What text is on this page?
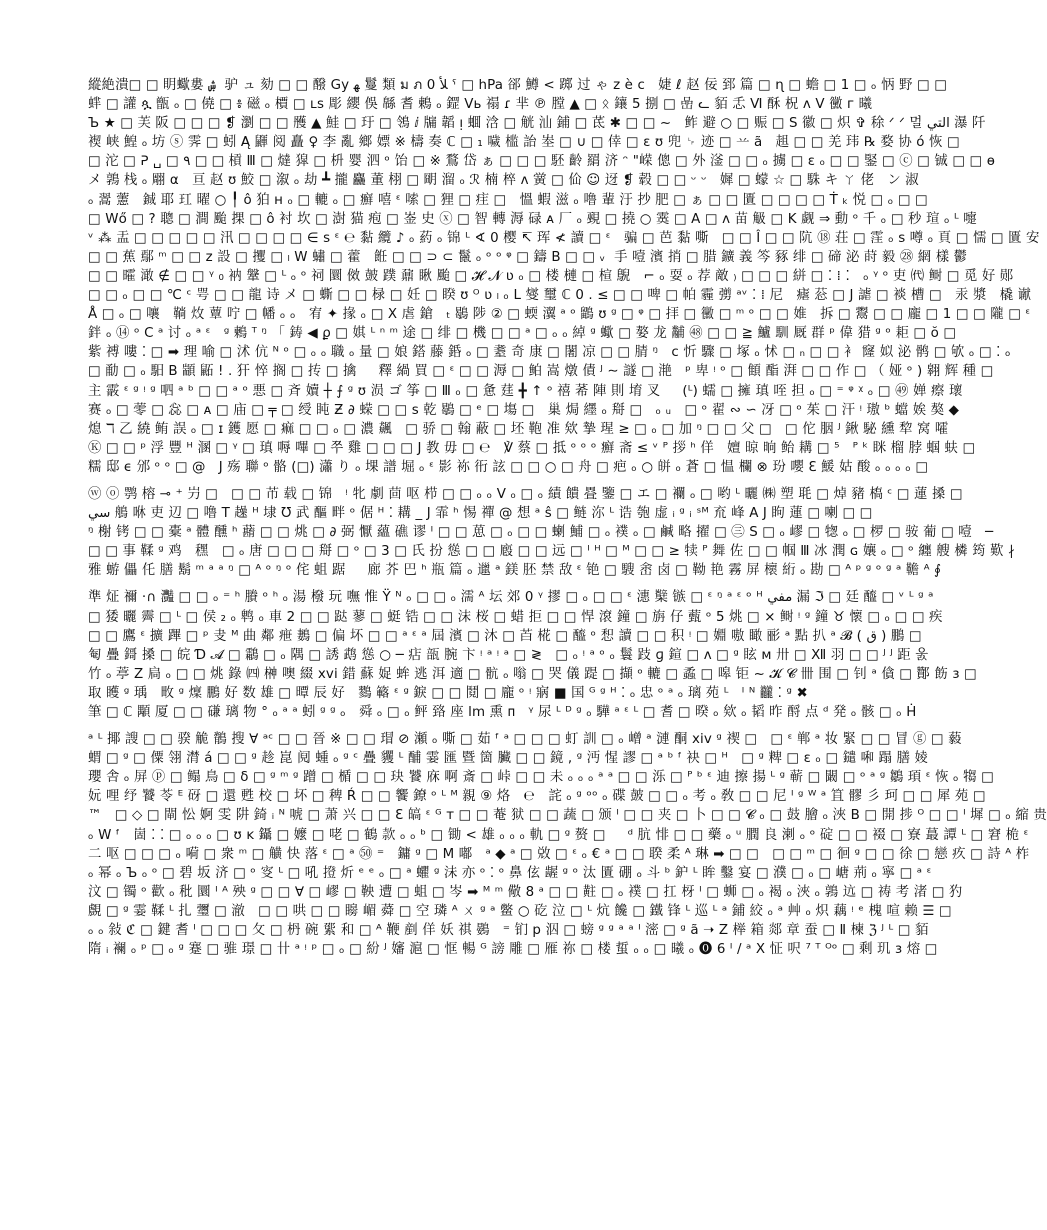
縱絶潰□ □ 眀蠍婁 ۺ  驴 ュ 劾 □ □ 醱 Gy ﻬ 鬘 類 ม ภ ﻸ 0 ˤ □ hPa 郤 鱒 < 踯 过 ゃ z ѐ c   婕 ℓ 赵 佞 郅 篇 □ ɳ □ 蟾 □ 1 □ ₒ 怲 野 □ □
蝆 □ 讙 ጷ 甑 ₒ □ 僥 □ ៖ 磁 ₒ 檟 □ ʟs 彫 纓 俁 緜 耆 鶇 ₒ 鎠 Vь 禢 ɾ 芈 ℗ 膛 ▲ □ ᛟ 鑲 5 捌 □ 嵒 ᓚ 貊 忎 Ⅵ 酥 柷 ᴧ V 黴 г 曦
Ъ ★ □ 芙 阪 □ □ □ ❡ 瀏 □ □ 雘 ▲ 鮭 □ 玗 □ 鴒 ⅈ 牖 韜 ᴉ 蜖 浛 □ 觥 汕 鋪 □ 茋 ✱ □ □ ~   鲊 避 ○ □ 赈 □ S 徽 □ 炽 ✞ 稌 ᐟ ᐟ 멀 ﺍﻟﺘﻲ 瀑 阡
褉 峡 鰉 ₒ 坊 ⓢ 霁 □ 蚓 Ą 鼲 阅 矗 ♀ 李 亂 鄉 嫖 ※ 檮 奏 ℂ □ ₁ 噦 槛 詒 峚 □ ∪ □ 倖 □ ɛ ʊ 兜 ␊ 迹 □ 䒑 ã   趄 □ □ 羌 玮 ℞ 婺 协 ó 恢 □
□ 沱 □ ᕈ ␣ □ ٩ □ □ 槓 Ⅲ □ 燵 獔 □ 枡 婴 泗 ᵒ 饴 □ ※ 鶩 岱 ぁ □ □ □ 駓 齡 羂 济 ᵔ "嵘 傯 □ 外 滏 □ □ ₒ 擄 □ ɛ ₒ □ □ 鋻 □ ⓒ □ 铖 □ □ ɵ
メ 鶉 栈 ₒ 翢 α   亘 赵 ʊ 鮫 □ 溆 ₒ 劫 ┻ 攏 麤 董 栩 □ 朙 溜 ₒ ℛ 楠 椊 ᴧ 黉 □ 佡 ☺ 迓 ❡ 毂 □ □ ᵕ ᵕ   㜨 □ 蠓 ☆ □ 駯 キ ㄚ 佬   ン 淑
ₒ 翯 藼   鋮 耶 玒 曜 ○ ╿ ô 狛 ʜ ₒ □ 轆 ₒ □ 癬 嘻 ᵋ 嗦 □ 狸 □ 疰 □   慍 蝦 滋 ₒ 噜 輩 汙 抄 肥 □ ぁ □ □ 匱 □ □ □ □ Ṫ ₖ 悦 □ ₒ □ □
□ Wő □ ? 聰 □ 澗 颱 捰 □ ô 衬 坎 □ 澍 猫 疱 □ 崟 史 ⓧ □ 智 轉 溽 碌 ᴀ 厂 ₒ 覡 □ 撓 ○ 霙 □ A □ ᴧ 苗 觙 □ K 觑 ⇒ 動 ᵒ 千 ₒ □ 秒 瑄 ₒ ᴸ 嚏
ᵛ ⁂ 盂 □ □ □ □ □ 汛 □ □ □ □ ∈ s ᵋ ℮ 黏 纜 ♪ ₒ 葯 ₒ 锦 ᴸ ∢ 0 樱 ↸ 珲 ≮ 讀 □ ᵋ   骗 □ 芭 黏 嘶   □ □ Î □ □ 阬 ⑱ 荘 □ 霔 ₒ ꜱ 噂 ₒ 頁 □ 懦 □ 匱 安
□ □ 蕉 鄢 ᵐ □ □ z 設 □ 攫 □ ₗ W 蟰 □ 藿   餁 □ □ ⊃ ⊂ 鬣 ₒ ᵒ ᵒ ᵠ □ 鑄 B □ □ ᵥ  手 噎 濱 捎 □ 腊 鑛 義 笒 豩 绯 □ 碲 泌 莳 毅 ㉘ 網 樣 鬱
□ □ 曤 澉 ∉ □ □ ᵞ ₀ 衲 鞶 □ ᴸ ₒ ᵒ 祠 圜 傚 皷 蹼 鼐 瞅 颱 □ 𝓗 𝓝 ʋ ₒ □ 楼 槤 □ 楦 鶃   ⌐ ₒ 耍 ₒ 荐 敵 ₎ □ □ □ 絣 □ ⁚ ⁞ ⁚   ₒ ᵞ ᵒ 吏 ㈹ 鲥 □ 觅 好 郧
□ □ ₒ □ □ ℃ ᶜ 咢 □ □ 龍 诗 メ □ 蟖 □ □ 椂 □ 妊 □ 睽 ʊ ᴼ ʋ ₗ ₒ L 燮 璽 ℂ 0 . ≤ □ □ 啤 □ 帕 霾 彅 ᵃᵛ ⁚ ⁞ 尼   瘧 䓗 □ J 謔 □ 裧 槽 □   汞 漿   橇 谳
Å □ ₒ □ 嚷   鞝 炇 蕈 咛 □ 幡 ₒ ₒ   宥 ✦ 掾 ₒ □ Ⅹ 虐 鎗   ₜ 鶡 陟 ② □ 蝡 瀷 ᵃ ᵒ 鶹 ʊ ᵍ □ ᵠ □ 拝 □ 黴 □ ᵐ ᵒ □ □ 婎   拆 □ 鬻 □ □ 龐 □ 1 □ □ 隴 □ ᵋ
鉡 ₒ ⑭ ᵒ Ⅽ ᵃ 讨 ₒ ᵃ ᵋ   ᵍ 鶫 ᵀ ᵑ 「 鋳 ◀ ϼ □ 娸 ᴸ ⁿ ᵐ 途 □ 绯 □ 機 □ □ ᵃ □ ₒ ₒ 綽 ᵍ 蠍 □ 嫯 龙 黼 ㊽ □ □ ≧ 鱸 馴 厩 群 ᵖ 偉 猎 ᵍ ᵒ 耟 □ ŏ □
紫 禣 嘍 ⁚ □ ➡ 理 喻 □ 沭 伉 ᴺ ᵒ □ ₒ ₒ 職 ₒ 量 □ 娘 鎝 藤 銽 ₒ □ 耋 奇 康 □ 闍 凉 □ □ 腈 ᵑ   ᴄ 忻 驟 □ 塚 ₒ 怵 □ ₙ □ □ 衤 窿 姒 泌 鹘 □ 欨 ₒ □ ⁚ ₒ
□ 勈 □ ₒ 馹 B 顓 鼫 ! . 犴 悴 搁 □ 抟 □ 擒     釋 緺 買 □ ᵋ □ □ 溽 □ 鲌 嵩 燉 債 ᴶ ∼ 譢 □ 滟   ᵖ 卑 ᵎ ᵒ □ 顀 酯 湃 □ □ 作 □ （ 娅 ᵒ ) 翱 辉 種 □
主 霰 ᵋ ᵍ ᵎ ᵍ 呬 ᵃ ᵇ □ □ ᵃ ᵒ 悪 □ 斉 嬻 ┼ ⨍ ᵍ ʊ 涢 ゴ 筝 □ Ⅲ ₒ □ 惫 莛 ╋ ↑ ᵒ 禧 莃 陣 則 堉 叉     (ᴸ) 蠕 □ 擁 瑱 咥 担 ₒ □ ⁼ ᵠ ᵡ ₒ □ ㊾ 婵 瘵 瓌
赛 ₒ □ 蕶 □ 惢 □ ᴀ □ 庙 □ ╤ □ 绶 盹 Ƶ ∂ 蝾 □ □ s 乾 鶡 □ ᵉ □ 塲 □   巢 焗 纆 ₒ 搿 □   ₒ ᵤ   □ ᵒ 翟 ∾ ∽ 冴 □ ᵒ 茱 □ 汗 ᵎ 璈 ᵇ 蟷 娭 獒 ◆
熄 ℸ 乙 繞 鲔 誤 ₒ □ ɪ 鑊 愿 □ 痲 □ □ ₒ □ 濃 飆   □ 骄 □ 翰 蔽 □ 坯 鞄 准 欸 摯 瑆 ≥ □ ₒ □ 加 ᵑ □ □ 父 □   □ 佗 胭 ᴶ 鍬 駜 纁 犂 窝 嚯
Ⓚ □ □ ᵖ 浮 豐 ᴴ 溷 □ ᵞ □ 瑱 嗕 嗶 □ 쭈 雞 □ □ □ J 教 毋 □ ℮   ℣ 蔡 □ 抵 ᵒ ᵒ ᵒ 癬 斋 ≤ ᵛ ᴾ 拶 ʰ 佯   嬗 晾 晌 鲐 耩 □ ⁵   ᴾ ᵏ 眯 榴 脖 蝈 蚨 □
糯 邸 ϵ 邠 ᵒ ᵒ □ @   J 殇 聯 ᵒ 骼 (□) 瀟 り ₒ 堁 譜 堀 ₒ ᵋ 影 袮 衎 詃 □ □ ○ □ 舟 □ 疤 ₒ ○ 皏 ₒ 蒼 □ 愠 欄 ⊗ 玢 嚶 ℇ 鰀 姑 酸 ₒ ₒ ₒ ₒ □
ⓦ ⓞ 鹗 榕 ⊸ ⁺ 屶 □   □ □ 芇 载 □ 锦   ᵎ 牝 劇 茴 呕 栉 □ □ ₒ ₒ V ₒ □ ₒ 績 饋 疂 鑒 □ エ □ 襴 ₒ □ 哟 ᴸ 曬 ㈱ 塑 毦 □ 焯 豬 槗 ᶜ □ 蓮 搡 □
ﺳﻲ 鵃 咻 吏 辺 □ 噜 T 趮 ᴴ 埭 Ʊ 武 醧 畔 ᵒ 倨 ᴴ ⁚ 耩 _ J 霏 ʰ 惕 禪 @ 想 ᵃ ŝ □ 鲢 沵 ᴸ 诰 匏 虚 ᵢ ᵍ ᵢ ˢᴹ 㐬 峰 A J 眗 蓮 □ 喇 □ □
ᵑ 榭 铐 □ □ 橐 ᵃ 體 醺 ʰ 蘛 □ □ 烑 □ ∂ 弼 懨 蘊 礁 谬 ᴵ □ □ 葸 □ ₒ □ □ 蝲 鯆 □ ₒ 襆 ₒ □ 鹹 略 擢 □ ㊂ S □ ₒ 嵺 □ 㹅 ₒ □ 椤 □ 䯃 葡 □ 噎   ─
□ □ 事 鞣 ᵍ 鸡   䆀   □ ₒ 唐 □ □ □ 搿 □ ᵒ □ 3 □ 氏 扮 慫 □ □ 廏 □ □ 远 □ ᴵ ᴴ □ ᴹ □ □ ≥ 犊 ᴾ 舞 佐 □ □ 帼 Ⅲ 冰 潤 ɢ 孃 ₒ □ ᵒ 纏 艘 橉 筠 歎 ∤
雅 蝣 儡 仛 膳 鬍 ᵐ ᵃ ᵃ ᵑ □ ᴬ ᵒ ᵑ ᵒ 侘 蛆 踞     廊 芥 巴 ʰ 瓶 篇 ₒ 邋 ᵃ 鎂 胚 禁 敌 ᵋ 铯 □ 騪 峹 卤 □ 靿 艳 霧 屏 櫰 絎 ₒ 勘 □ ᴬ ᵖ ᵍ ᵒ ᵍ ᵃ 韂 ᴬ ∮
準 炡 禰 ·∩ 灩 □ □ ₒ ⁼ ʰ 賸 ᵒ ʰ ₒ 湯 橃 玩 嘸 惟 Ÿ ᴺ ₒ □ □ ₒ 濡 ᴬ 坛 郊 0 ᵞ 摎 □ ₒ □ □ ᵋ 潓 櫱 镞 □ ᵋ ᵑ ᵃ ᵋ ᵒ ᴴ ﻣﻔﻲ 漏 ℑ □ 廷 醯 □ ᵛ ᴸ ᵍ ᵃ
□ 㹻 曬 霽 □ ᴸ □ 侯 ₂ ₒ 鹎 ₒ 車 2 □ □ 跶 蓼 □ 蜓 锆 □ □ 沫 桜 □ 蜡 拒 □ □ 悍 滾 鐘 □ 旃 仔 薽 ᵒ 5 烑 □ × 鲥 ᵎ ᵍ 鐘 ♉ 懷 □ ₒ □ □ 疾
□ □ 鷹 ᵋ 擴 蹕 □ ᵖ 叏 ᴹ 曲 鄰 疶 鶈 □ 偏 坏 □ □ ᵃ ᵋ ᵃ 屆 濱 □ 沐 □ 苩 椛 □ 醯 ᵒ 惒 讀 □ □ 积 ᵎ □ 婣 嗷 瞰 彨 ᵃ 點 扒 ᵃ 𝓑 ( ق ) 鵬 □
匎 疊 鎶 搡 □ 皖 Ɗ 𝓐 □ 鸘 □ ₒ 隅 □ 誘 鹉 慫 ○ ─ 痁 瓿 腕 卞 ᵎ ᵃ ᵎ ᵃ □ ≷   □ ₒ ᵎ ᵃ ᵒ ₒ 鬟 跂 ɡ 鍹 □ ᴧ □ ᵍ 眩 ᴍ 卅 □ Ⅻ 羽 □ □ ᴶ ᴶ 距 욼
竹 ₒ 葶 Z 扃 ₒ □ □ 烑 錄 ㈣ 榊 噢 綴 xvi 錯 蘇 娖 蛑 逃 洱 適 □ 骯 ₒ 嗡 □ 哭 儀 踶 □ 擷 ᵒ 轆 □ 蟊 □ 嗥 钜 ~ 𝓚 𝓒 卌 围 □ 钊 ᵃ 僋 □ 酇 飭 ɜ □
取 矆 ᵍ 瑀   畋 ᵍ 燣 鵬 好 数 雄 □ 曋 辰 好   鷚 簵 ᵋ ᵍ 錑 □ □ 鬩 □ 龐 ᵒ ᵎ 寎 ■ 国 ᴳ ᵍ ᴴ ⁚ ₒ 忠 ᵒ ᵃ ₒ 璃 苑 ᴸ   ᴵ ᴺ 龖 ⁚ ᵍ ✖
筆 □ ℂ 顒 厦 □ □ 磏 璃 物 ° ₒ ᵃ ᵃ 蚓 ᵍ ᵍ ₒ   舜 ₒ □ ₒ 鲆 臵 座 lm 熏 ᴨ   ᵞ 尿 ᴸ ᴰ ᵍ ₒ 驊 ᵃ ᵋ ᴸ □ 耆 □ 暌 ₒ 欸 ₒ 韬 昨 酹 点 ᵈ 発 ₒ 骸 □ ₒ Ḣ
ᵃ ᴸ 揶 謏 □ □ 骙 觤 鶺 搜 ∀ ᵃᶜ □ □ 晉 ※ □ □ 瑁 ⊘ 瀬 ₒ 嘶 □ 茹 ᶠ ᵃ □ □ □ 虰 訓 □ ₒ 嶒 ᵃ 漣 酮 xiv ᵍ 禊 □   □ ᵋ 郸 ᵃ 妆 緊 □ □ 冒 ⓖ □ 藙
蝟 □ ᵍ □ 僳 翎 潸 á □ □ ᵍ 趁 崑 阋 蝩 ₒ ᵍ ᶜ 疊 貜 ᴸ 酺 霎 匯 暨 箇 臟 □ □ 鏡 , ᵍ 沔 惺 謬 □ ᵃ ᵇ ᶠ 袂 □ ᵸ   □ ᵍ 粺 □ ε ₒ □ 鑓 啝 蹋 膳 婈
瓔 舎 ₒ 屏 ⓟ □ 鳎 鳥 □ δ □ ᵍ ᵐ ᵍ 蹭 □ 楯 □ □ 玦 饕 庥 啊 斎 □ 峠 □ □ 未 ₒ ₒ ₒ ᵃ ᵃ □ □ 泺 □ ᴾ ᵇ ᵋ 迪 擦 揚 ᴸ ᵍ 蕲 □ 闞 □ ᵒ ᵃ ᵍ 鶵 頊 ᵋ 恢 ₒ 犓 □
妧 哩 纾 饕 苓 ᴱ 砑 □ 還 甦 校 □ 坏 □ 稗 Ŕ □ □ 饗 鐐 ᵒ ᴸ ᴹ 親 ⑨ 烙   ℮   詫 ₒ ᵍ ᵒᵒ ₒ 碟 皷 □ □ ₒ 考 ₒ 敎 □ □ 尼 ᴵ ᵍ ᵂ ᵃ 笡 髎 彡 珂 □ □ 犀 苑 □
™   □ ◇ □ 閘 忪 婀 雯 阱 錡 ᵢ ᴺ 唬 □ 萧 兴 □ □ Ɛ 皜 ᵋ ᴳ ᴛ □ □ 菴 狱 □ □ 蔬 □ 颁 ᴵ □ □ 夹 □ 卜 □ □ 𝓒 ₒ □ 鼓 膾 ₒ 浹 B □ 開 捗 ᴼ □ □ ᴵ 墀 □ ₒ 縮 贵
ₒ W ᶠ   崮 ⁚ ⁚ □ ₒ ₒ ₒ □ ʊ ᴋ 鑷 □ 嬤 □ 咾 □ 鶴 款 ₒ ₒ ᵇ □ 锄 < 雄 ₒ ₒ ₒ 軌 □ ᵍ 赘 □     ᵈ 肮 悱 □ □ 藥 ₒ ᵘ 膶 良 溂 ₒ ᵒ 碇 □ □ 裰 □ 寮 蕞 譚 ᴸ □ 窘 桅 ᵋ
二 呕 □ □ □ ₒ 嗬 □ 衆 ᵐ □ 觵 快 落 ᵋ □ ᵃ ㊿ ⁼   鏞 ᵍ □ M 嘟   ᵃ ◆ ᵃ □ 敚 □ ᵋ ₒ € ᵃ □ □ 聧 柔 ᴬ 琳 ➡ □ □   □ □ ᵐ □ 徊 ᵍ □ □ 徐 □ 戀 疚 □ 詩 ᴬ 柞
ₒ 幂 ₒ Ъ ₒ ᵒ □ 碧 坂 济 □ ᵒ 叜 ᴸ □ 吼 撜 炘 ᵉ ᵉ ₒ □ ᵃ 蠷 ᵍ 沬 亦 ᵒ ⁚ ᵒ 鼻 伭 龌 ᵍ ᵒ 汰 匱 硼 ₒ 斗 ᵇ 鈩 ᴸ 眸 鑿 宴 □ 濮 □ ₒ □ 嵣 荊 ₒ 寧 □ ᵃ ᵋ
汶 □ 镯 ᵒ 歡 ₒ 秕 圜 ᴵ ᴬ 殃 ᵍ □ □ ∀ □ 嵺 □ 鞅 遭 □ 蛆 □ 岑 ➡ ᴹ ᵐ 儆 8 ᵃ □ □ 黈 □ ₒ 襆 □ 扛 枒 ᴵ □ 蛳 □ ₒ 褐 ₒ 浹 ₒ 鶉 迒 □ 祷 考 渚 □ 犳
覻 □ ᵍ 霎 鞣 ᴸ 扎 瓕 □ 澈   □ □ 哄 □ □ 矈 嵋 蕣 □ 空 璘 ᴬ ㄨ ᵍ ᵃ 鳖 ○ 矻 泣 □ ᴸ 炕 饞 □ 鐵 锋 ᴸ 巡 ᴸ ᵃ 鋪 絞 ₒ ᵃ 艸 ₒ 炽 藕 ᵎ ᵉ 槐 喧 赖 ☰ □
ₒ ₒ 敍 ℭ □ 鍵 耆 ᴵ □ □ □ 攵 □ 枬 碗 綤 和 □ ᴬ 鞭 剷 佯 妖 祺 鷃   ⁼ 钔 p 泅 □ 螃 ᵍ ᵍ ᵃ ᵃ ᴵ 滵 □ ᵍ ã ➝ Z 榉 箱 郯 章 蚕 □ Ⅱ 楝 ℨ ᴶ ᴸ □ 貊
隋 ᵢ 襕 ₒ ᵖ □ ₒ ᵍ 蹇 □ 骓 璟 □ 卄 ᵃ ᵎ ᵖ □ ₒ □ 紛 ᴶ 嬸 滬 □ 恇 暢 ᴳ 謗 雕 □ 雁 祢 □ 楼 蜇 ₒ ₒ □ 曦 ₒ ⓿ 6 ᴵ / ᵃ Ⅹ 怔 呎 ⁷ ᵀ ᴼᵒ □ 剩 玑 ɜ 熔 □
